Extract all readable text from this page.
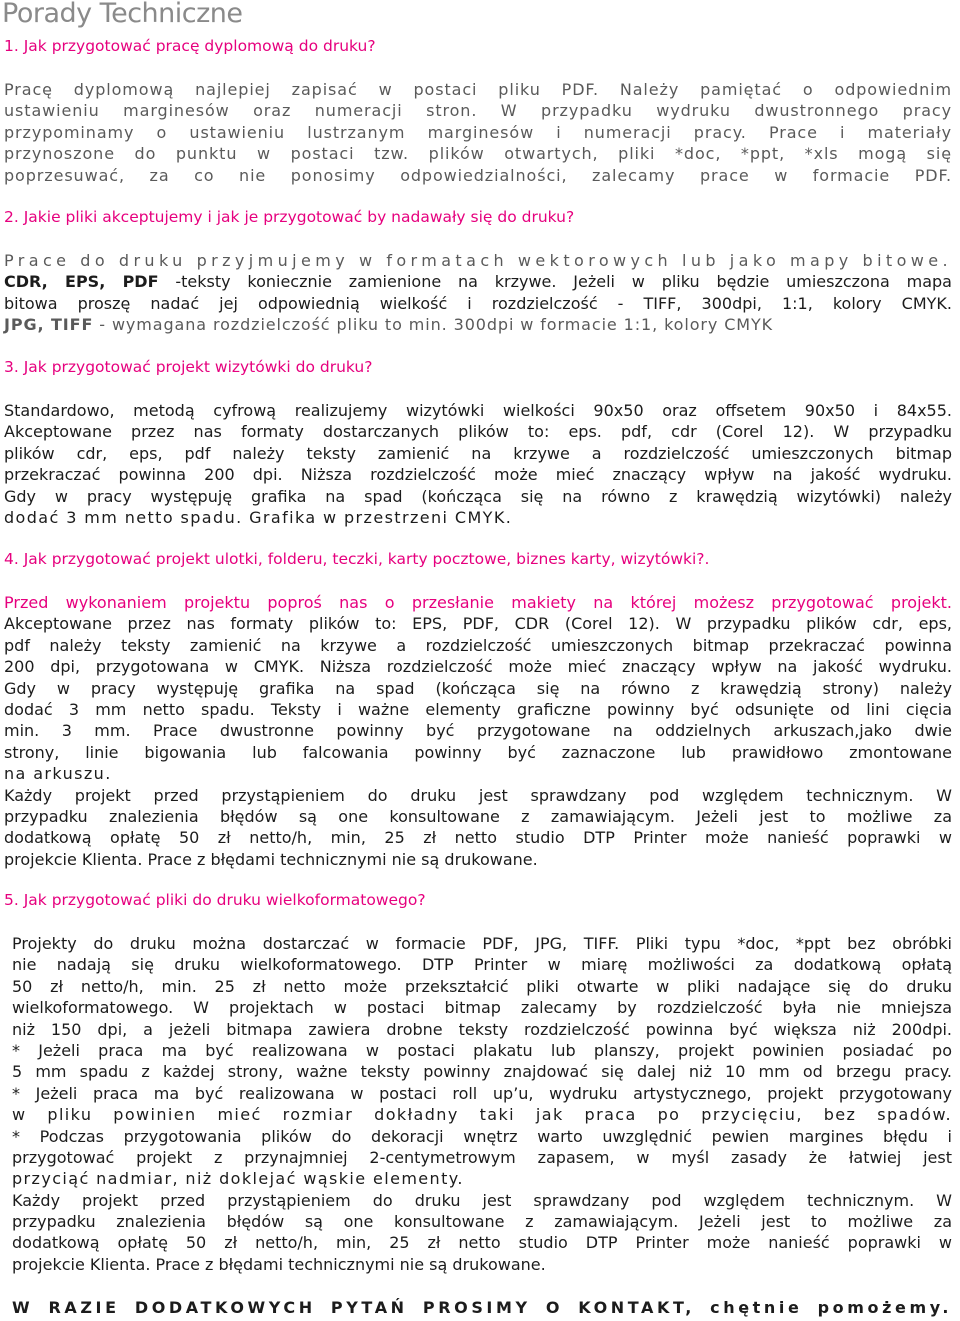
Porady Techniczne
1. Jak przygotować pracę dyplomową do druku?
Pracę dyplomową najlepiej zapisać w postaci pliku PDF. Należy pamiętać o odpowiednim
ustawieniu marginesów oraz numeracji stron. W przypadku wydruku dwustronnego pracy
przypominamy o ustawieniu lustrzanym marginesów i numeracji pracy. Prace i materiały
przynoszone do punktu w postaci tzw. plików otwartych, pliki *doc, *ppt, *xls mogą się
poprzesuwać, za co nie ponosimy odpowiedzialności, zalecamy prace w formacie PDF.
2. Jakie pliki akceptujemy i jak je przygotować by nadawały się do druku?
Prace do druku przyjmujemy w formatach wektorowych lub jako mapy bitowe.
CDR, EPS, PDF -teksty koniecznie zamienione na krzywe. Jeżeli w pliku będzie umieszczona mapa
bitowa proszę nadać jej odpowiednią wielkość i rozdzielczość - TIFF, 300dpi, 1:1, kolory CMYK.
JPG, TIFF - wymagana rozdzielczość pliku to min. 300dpi w formacie 1:1, kolory CMYK
3. Jak przygotować projekt wizytówki do druku?
Standardowo, metodą cyfrową realizujemy wizytówki wielkości 90x50 oraz offsetem 90x50 i 84x55.
Akceptowane przez nas formaty dostarczanych plików to: eps. pdf, cdr (Corel 12). W przypadku
plików cdr, eps, pdf należy teksty zamienić na krzywe a rozdzielczość umieszczonych bitmap
przekraczać powinna 200 dpi. Niższa rozdzielczość może mieć znaczący wpływ na jakość wydruku.
Gdy w pracy występuję grafika na spad (kończąca się na równo z krawędzią wizytówki) należy
dodać 3 mm netto spadu. Grafika w przestrzeni CMYK.
4. Jak przygotować projekt ulotki, folderu, teczki, karty pocztowe, biznes karty, wizytówki?.
Przed wykonaniem projektu poproś nas o przesłanie makiety na której możesz przygotować projekt.
Akceptowane przez nas formaty plików to: EPS, PDF, CDR (Corel 12). W przypadku plików cdr, eps,
pdf należy teksty zamienić na krzywe a rozdzielczość umieszczonych bitmap przekraczać powinna
200 dpi, przygotowana w CMYK. Niższa rozdzielczość może mieć znaczący wpływ na jakość wydruku.
Gdy w pracy występuję grafika na spad (kończąca się na równo z krawędzią strony) należy
dodać 3 mm netto spadu. Teksty i ważne elementy graficzne powinny być odsunięte od lini cięcia
min. 3 mm. Prace dwustronne powinny być przygotowane na oddzielnych arkuszach,jako dwie
strony, linie bigowania lub falcowania powinny być zaznaczone lub prawidłowo zmontowane
na arkuszu.
Każdy projekt przed przystąpieniem do druku jest sprawdzany pod względem technicznym. W
przypadku znalezienia błędów są one konsultowane z zamawiającym. Jeżeli jest to możliwe za
dodatkową opłatę 50 zł netto/h, min, 25 zł netto studio DTP Printer może nanieść poprawki w
projekcie Klienta. Prace z błędami technicznymi nie są drukowane.
5. Jak przygotować pliki do druku wielkoformatowego?
Projekty do druku można dostarczać w formacie PDF, JPG, TIFF. Pliki typu *doc, *ppt bez obróbki
nie nadają się druku wielkoformatowego. DTP Printer w miarę możliwości za dodatkową opłatą
50 zł netto/h, min. 25 zł netto może przekształcić pliki otwarte w pliki nadające się do druku
wielkoformatowego. W projektach w postaci bitmap zalecamy by rozdzielczość była nie mniejsza
niż 150 dpi, a jeżeli bitmapa zawiera drobne teksty rozdzielczość powinna być większa niż 200dpi.
* Jeżeli praca ma być realizowana w postaci plakatu lub planszy, projekt powinien posiadać po
5 mm spadu z każdej strony, ważne teksty powinny znajdować się dalej niż 10 mm od brzegu pracy.
* Jeżeli praca ma być realizowana w postaci roll up’u, wydruku artystycznego, projekt przygotowany
w pliku powinien mieć rozmiar dokładny taki jak praca po przycięciu, bez spadów.
* Podczas przygotowania plików do dekoracji wnętrz warto uwzględnić pewien margines błędu i
przygotować projekt z przynajmniej 2-centymetrowym zapasem, w myśl zasady że łatwiej jest
przyciąć nadmiar, niż doklejać wąskie elementy.
Każdy projekt przed przystąpieniem do druku jest sprawdzany pod względem technicznym. W
przypadku znalezienia błędów są one konsultowane z zamawiającym. Jeżeli jest to możliwe za
dodatkową opłatę 50 zł netto/h, min, 25 zł netto studio DTP Printer może nanieść poprawki w
projekcie Klienta. Prace z błędami technicznymi nie są drukowane.
W RAZIE DODATKOWYCH PYTAŃ PROSIMY O KONTAKT, chętnie pomożemy.
